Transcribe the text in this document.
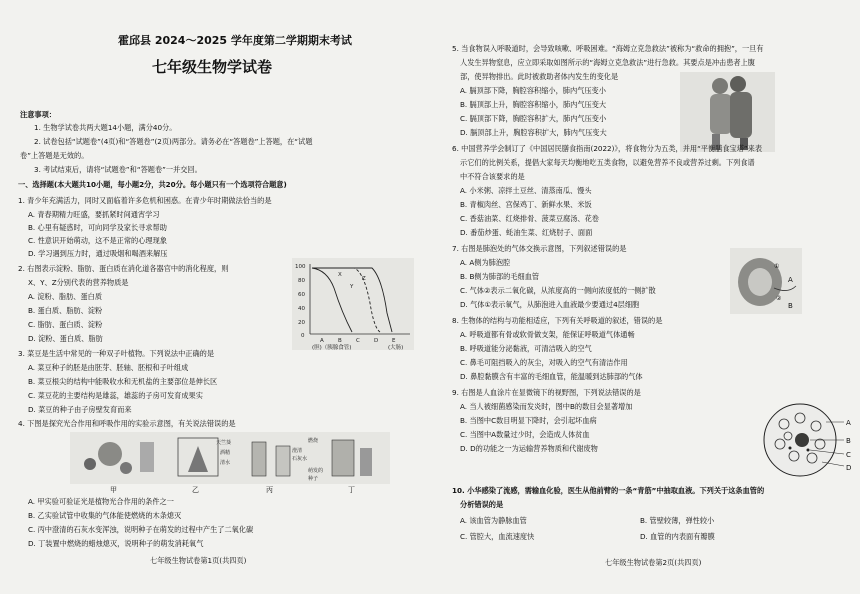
霍邱县 2024～2025 学年度第二学期期末考试
七年级生物学试卷
注意事项：
1. 生物学试卷共两大题14小题，满分40分。
2. 试卷包括“试题卷”(4页)和“答题卷”(2页)两部分。请务必在“答题卷”上答题，在“试题
卷”上答题是无效的。
3. 考试结束后，请将“试题卷”和“答题卷”一并交回。
一、选择题(本大题共10小题，每小题2分，共20分。每小题只有一个选项符合题意)
1. 青少年充满活力，同时又面临着许多危机和困惑。在青少年时期做法恰当的是
A. 青春期精力旺盛，要抓紧时间通宵学习
B. 心里有疑惑时，可向同学及家长寻求帮助
C. 性意识开始萌动，这不是正常的心理现象
D. 学习遇到压力时，通过吸烟和喝酒来解压
2. 右图表示淀粉、脂肪、蛋白质在消化道各器官中的消化程度，则
X、Y、Z分别代表的营养物质是
A. 淀粉、脂肪、蛋白质
B. 蛋白质、脂肪、淀粉
C. 脂肪、蛋白质、淀粉
D. 淀粉、蛋白质、脂肪
100
80
60
40
20
0
A	B	C	D	E
(胆)（胰腺食管)	(大肠)
X
Y
Z
3. 菜豆是生活中常见的一种双子叶植物。下列说法中正确的是
A. 菜豆种子的胚是由胚芽、胚轴、胚根和子叶组成
B. 菜豆根尖的结构中能吸收水和无机盐的主要部位是伸长区
C. 菜豆花的主要结构是雄蕊，雄蕊的子房可发育成果实
D. 菜豆的种子由子房壁发育而来
4. 下图是探究光合作用和呼吸作用的实验示意图，有关说法错误的是
天竺葵
酒精
清水
澄清
石灰水
燃烧
萌发的
种子
甲	乙	丙	丁
A. 甲实验可验证光是植物光合作用的条件之一
B. 乙实验试管中收集的气体能使燃烧的木条熄灭
C. 丙中澄清的石灰水变浑浊，说明种子在萌发的过程中产生了二氧化碳
D. 丁装置中燃烧的蜡烛熄灭，说明种子的萌发消耗氧气
七年级生物试卷第1页(共四页)
5. 当食物误入呼吸道时，会导致咳嗽、呼吸困难。“海姆立克急救法”被称为“救命的拥抱”，一旦有
人发生异物窒息，应立即采取如图所示的“海姆立克急救法”进行急救。其要点是冲击患者上腹
部，使异物排出。此时被救助者体内发生的变化是
A. 膈顶部下降，胸腔容积缩小，肺内气压变小
B. 膈顶部上升，胸腔容积缩小，肺内气压变大
C. 膈顶部下降，胸腔容积扩大，肺内气压变小
D. 膈顶部上升，胸腔容积扩大，肺内气压变大
6. 中国营养学会制订了《中国居民膳食指南(2022)》，将食物分为五类，并用“平衡膳食宝塔”来表
示它们的比例关系，提倡大家每天均衡地吃五类食物，以避免营养不良或营养过剩。下列食谱
中不符合该要求的是
A. 小米粥、凉拌土豆丝、清蒸南瓜、馒头
B. 青椒肉丝、宫保鸡丁、新鲜水果、米饭
C. 香菇油菜、红烧排骨、菠菜豆腐汤、花卷
D. 番茄炒蛋、蚝油生菜、红烧肘子、面面
7. 右图是肺泡处的气体交换示意图，下列叙述错误的是
A. A侧为肺泡腔
B. B侧为肺部的毛细血管
C. 气体②表示二氧化碳，从浓度高的一侧向浓度低的一侧扩散
D. 气体①表示氧气，从肺泡进入血液最少要通过4层细胞
A
B
①
②
8. 生物体的结构与功能相适应，下列有关呼吸道的叙述，错误的是
A. 呼吸道都有骨或软骨做支架，能保证呼吸道气体通畅
B. 呼吸道能分泌黏液，可清洁吸入的空气
C. 鼻毛可阻挡吸入的灰尘，对吸入的空气有清洁作用
D. 鼻腔黏膜含有丰富的毛细血管，能温暖到达肺部的气体
9. 右图是人血涂片在显微镜下的视野图，下列说法错误的是
A. 当人被细菌感染而发炎时，图中B的数目会显著增加
B. 当图中C数目明显下降时，会引起坏血病
C. 当图中A数量过少时，会造成人体贫血
D. D的功能之一为运输营养物质和代谢废物
A
B
C
D
10. 小华感染了流感，需输血化验，医生从他前臂的一条“青筋”中抽取血液。下列关于这条血管的
分析错误的是
A. 该血管为静脉血管	B. 管壁较薄，弹性较小
C. 管腔大，血流速度快	D. 血管的内表面有瓣膜
七年级生物试卷第2页(共四页)
